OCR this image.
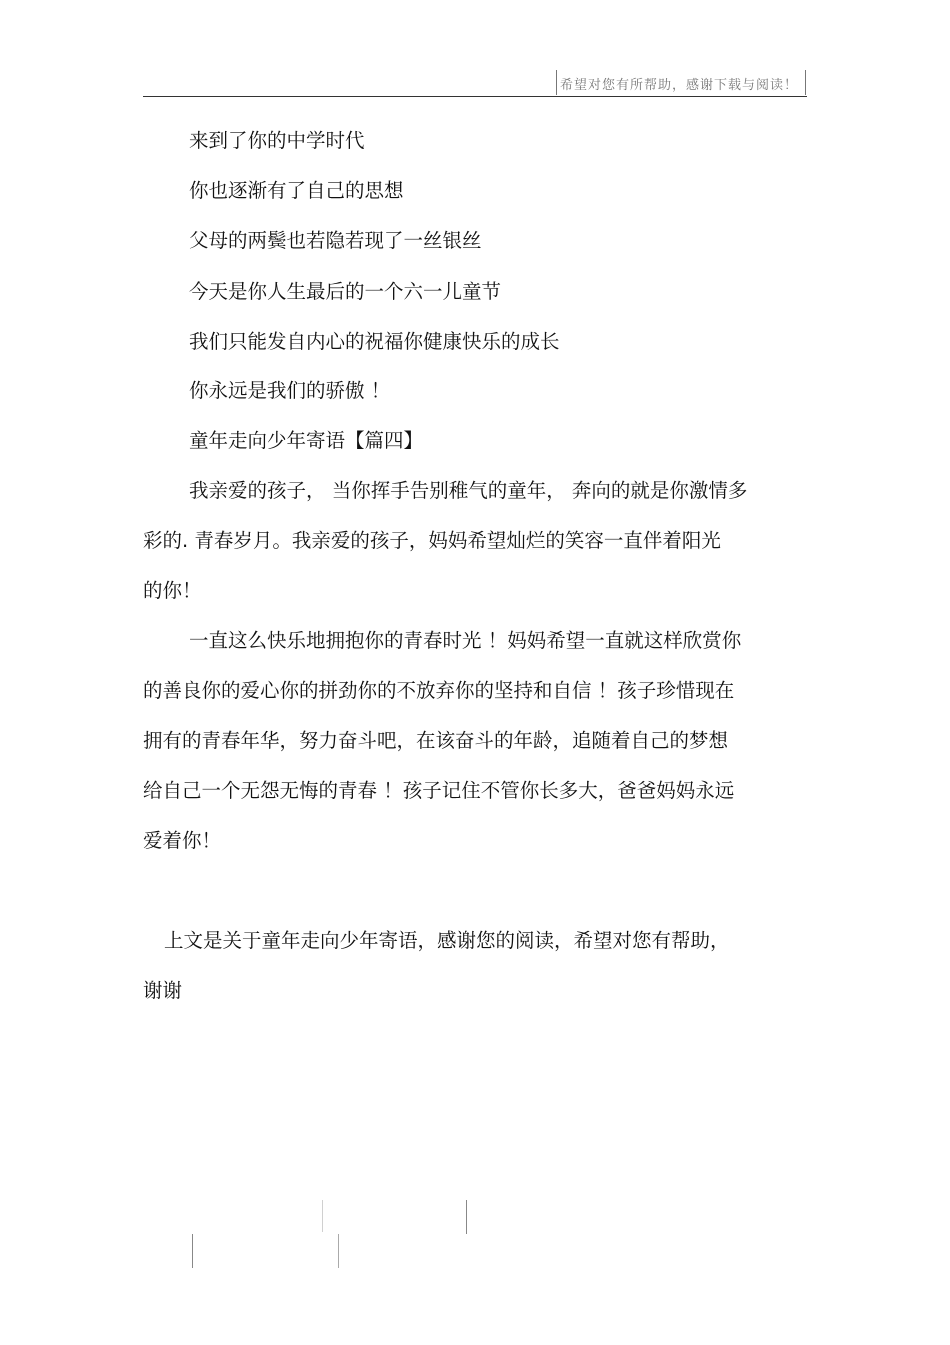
希望对您有所帮助，感谢下载与阅读！
来到了你的中学时代
你也逐渐有了自己的思想
父母的两鬓也若隐若现了一丝银丝
今天是你人生最后的一个六一儿童节
我们只能发自内心的祝福你健康快乐的成长
你永远是我们的骄傲 ！
童年走向少年寄语【篇四】
我亲爱的孩子， 当你挥手告别稚气的童年， 奔向的就是你激情多
彩的. 青春岁月。我亲爱的孩子，妈妈希望灿烂的笑容一直伴着阳光
的你！
一直这么快乐地拥抱你的青春时光 ！妈妈希望一直就这样欣赏你
的善良你的爱心你的拼劲你的不放弃你的坚持和自信 ！孩子珍惜现在
拥有的青春年华，努力奋斗吧，在该奋斗的年龄，追随着自己的梦想
给自己一个无怨无悔的青春 ！孩子记住不管你长多大，爸爸妈妈永远
爱着你！
上文是关于童年走向少年寄语，感谢您的阅读，希望对您有帮助，
谢谢
